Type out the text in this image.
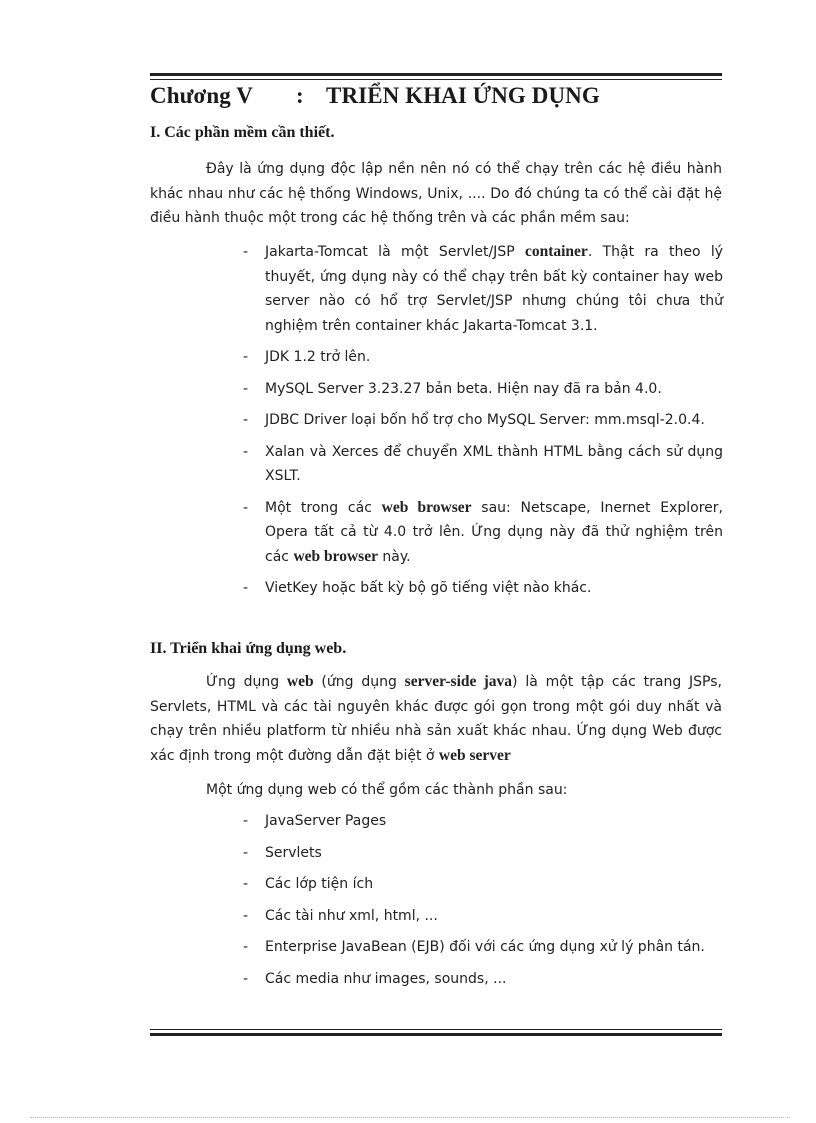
Chương V : TRIỂN KHAI ỨNG DỤNG
I. Các phần mềm cần thiết.

Đây là ứng dụng độc lập nền nên nó có thể chạy trên các hệ điều hành khác nhau như các hệ thống Windows, Unix, .... Do đó chúng ta có thể cài đặt hệ điều hành thuộc một trong các hệ thống trên và các phần mềm sau:

- Jakarta-Tomcat là một Servlet/JSP container. Thật ra theo lý thuyết, ứng dụng này có thể chạy trên bất kỳ container hay web server nào có hổ trợ Servlet/JSP nhưng chúng tôi chưa thử nghiệm trên container khác Jakarta-Tomcat 3.1.
- JDK 1.2 trở lên.
- MySQL Server 3.23.27 bản beta. Hiện nay đã ra bản 4.0.
- JDBC Driver loại bốn hổ trợ cho MySQL Server: mm.msql-2.0.4.
- Xalan và Xerces để chuyển XML thành HTML bằng cách sử dụng XSLT.
- Một trong các web browser sau: Netscape, Inernet Explorer, Opera tất cả từ 4.0 trở lên. Ứng dụng này đã thử nghiệm trên các web browser này.
- VietKey hoặc bất kỳ bộ gõ tiếng việt nào khác.
II. Triển khai ứng dụng web.

Ứng dụng web (ứng dụng server-side java) là một tập các trang JSPs, Servlets, HTML và các tài nguyên khác được gói gọn trong một gói duy nhất và chạy trên nhiều platform từ nhiều nhà sản xuất khác nhau. Ứng dụng Web được xác định trong một đường dẫn đặt biệt ở web server

Một ứng dụng web có thể gồm các thành phần sau:

- JavaServer Pages
- Servlets
- Các lớp tiện ích
- Các tài như xml, html, ...
- Enterprise JavaBean (EJB) đối với các ứng dụng xử lý phân tán.
- Các media như images, sounds, ...
